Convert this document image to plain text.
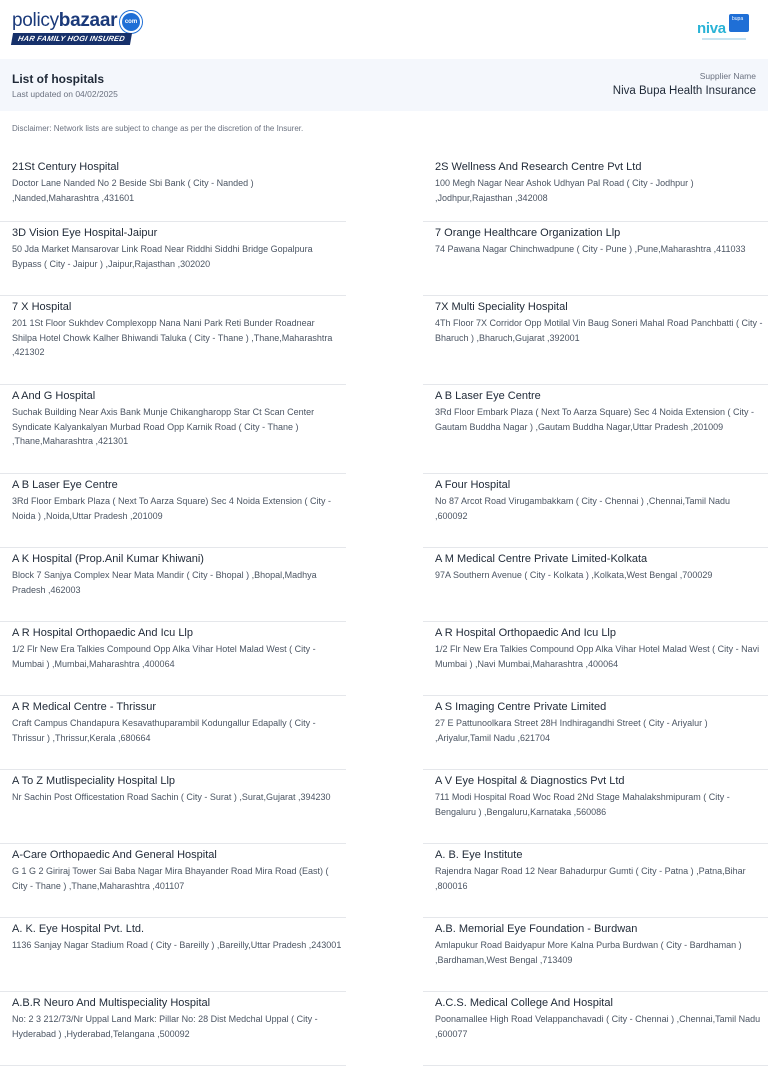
policybazaar	com
HAR FAMILY HOGI INSURED
niva
bupa
List of hospitals
Last updated on 04/02/2025
Supplier Name
Niva Bupa Health Insurance
Disclaimer: Network lists are subject to change as per the discretion of the Insurer.
21St Century Hospital
Doctor Lane Nanded No 2 Beside Sbi Bank ( City - Nanded ) ,Nanded,Maharashtra ,431601
3D Vision Eye Hospital-Jaipur
50 Jda Market Mansarovar Link Road Near Riddhi Siddhi Bridge Gopalpura Bypass ( City - Jaipur ) ,Jaipur,Rajasthan ,302020
7 X Hospital
201 1St Floor Sukhdev Complexopp Nana Nani Park Reti Bunder Roadnear Shilpa Hotel Chowk Kalher Bhiwandi Taluka ( City - Thane ) ,Thane,Maharashtra ,421302
A And G Hospital
Suchak Building Near Axis Bank Munje Chikangharopp Star Ct Scan Center Syndicate Kalyankalyan Murbad Road Opp Karnik Road ( City - Thane ) ,Thane,Maharashtra ,421301
A B Laser Eye Centre
3Rd Floor Embark Plaza ( Next To Aarza Square) Sec 4 Noida Extension ( City - Noida ) ,Noida,Uttar Pradesh ,201009
A K Hospital (Prop.Anil Kumar Khiwani)
Block 7 Sanjya Complex Near Mata Mandir ( City - Bhopal ) ,Bhopal,Madhya Pradesh ,462003
A R Hospital Orthopaedic And Icu Llp
1/2 Flr New Era Talkies Compound Opp Alka Vihar Hotel Malad West ( City - Mumbai ) ,Mumbai,Maharashtra ,400064
A R Medical Centre - Thrissur
Craft Campus Chandapura Kesavathuparambil Kodungallur Edapally ( City - Thrissur ) ,Thrissur,Kerala ,680664
A To Z Mutlispeciality Hospital Llp
Nr Sachin Post Officestation Road Sachin ( City - Surat ) ,Surat,Gujarat ,394230
A-Care Orthopaedic And General Hospital
G 1 G 2 Giriraj Tower Sai Baba Nagar Mira Bhayander Road Mira Road (East) ( City - Thane ) ,Thane,Maharashtra ,401107
A. K. Eye Hospital Pvt. Ltd.
1136 Sanjay Nagar Stadium Road ( City - Bareilly ) ,Bareilly,Uttar Pradesh ,243001
A.B.R Neuro And Multispeciality Hospital
No: 2 3 212/73/Nr Uppal Land Mark: Pillar No: 28 Dist Medchal Uppal ( City - Hyderabad ) ,Hyderabad,Telangana ,500092
2S Wellness And Research Centre Pvt Ltd
100 Megh Nagar Near Ashok Udhyan Pal Road ( City - Jodhpur ) ,Jodhpur,Rajasthan ,342008
7 Orange Healthcare Organization Llp
74 Pawana Nagar Chinchwadpune ( City - Pune ) ,Pune,Maharashtra ,411033
7X Multi Speciality Hospital
4Th Floor 7X Corridor Opp Motilal Vin Baug Soneri Mahal Road Panchbatti ( City - Bharuch ) ,Bharuch,Gujarat ,392001
A B Laser Eye Centre
3Rd Floor Embark Plaza ( Next To Aarza Square) Sec 4 Noida Extension ( City - Gautam Buddha Nagar ) ,Gautam Buddha Nagar,Uttar Pradesh ,201009
A Four Hospital
No 87 Arcot Road Virugambakkam ( City - Chennai ) ,Chennai,Tamil Nadu ,600092
A M Medical Centre Private Limited-Kolkata
97A Southern Avenue ( City - Kolkata ) ,Kolkata,West Bengal ,700029
A R Hospital Orthopaedic And Icu Llp
1/2 Flr New Era Talkies Compound Opp Alka Vihar Hotel Malad West ( City - Navi Mumbai ) ,Navi Mumbai,Maharashtra ,400064
A S Imaging Centre Private Limited
27 E Pattunoolkara Street 28H Indhiragandhi Street ( City - Ariyalur ) ,Ariyalur,Tamil Nadu ,621704
A V Eye Hospital & Diagnostics Pvt Ltd
711 Modi Hospital Road Woc Road 2Nd Stage Mahalakshmipuram ( City - Bengaluru ) ,Bengaluru,Karnataka ,560086
A. B. Eye Institute
Rajendra Nagar Road 12 Near Bahadurpur Gumti ( City - Patna ) ,Patna,Bihar ,800016
A.B. Memorial Eye Foundation - Burdwan
Amlapukur Road Baidyapur More Kalna Purba Burdwan ( City - Bardhaman ) ,Bardhaman,West Bengal ,713409
A.C.S. Medical College And Hospital
Poonamallee High Road Velappanchavadi ( City - Chennai ) ,Chennai,Tamil Nadu ,600077
